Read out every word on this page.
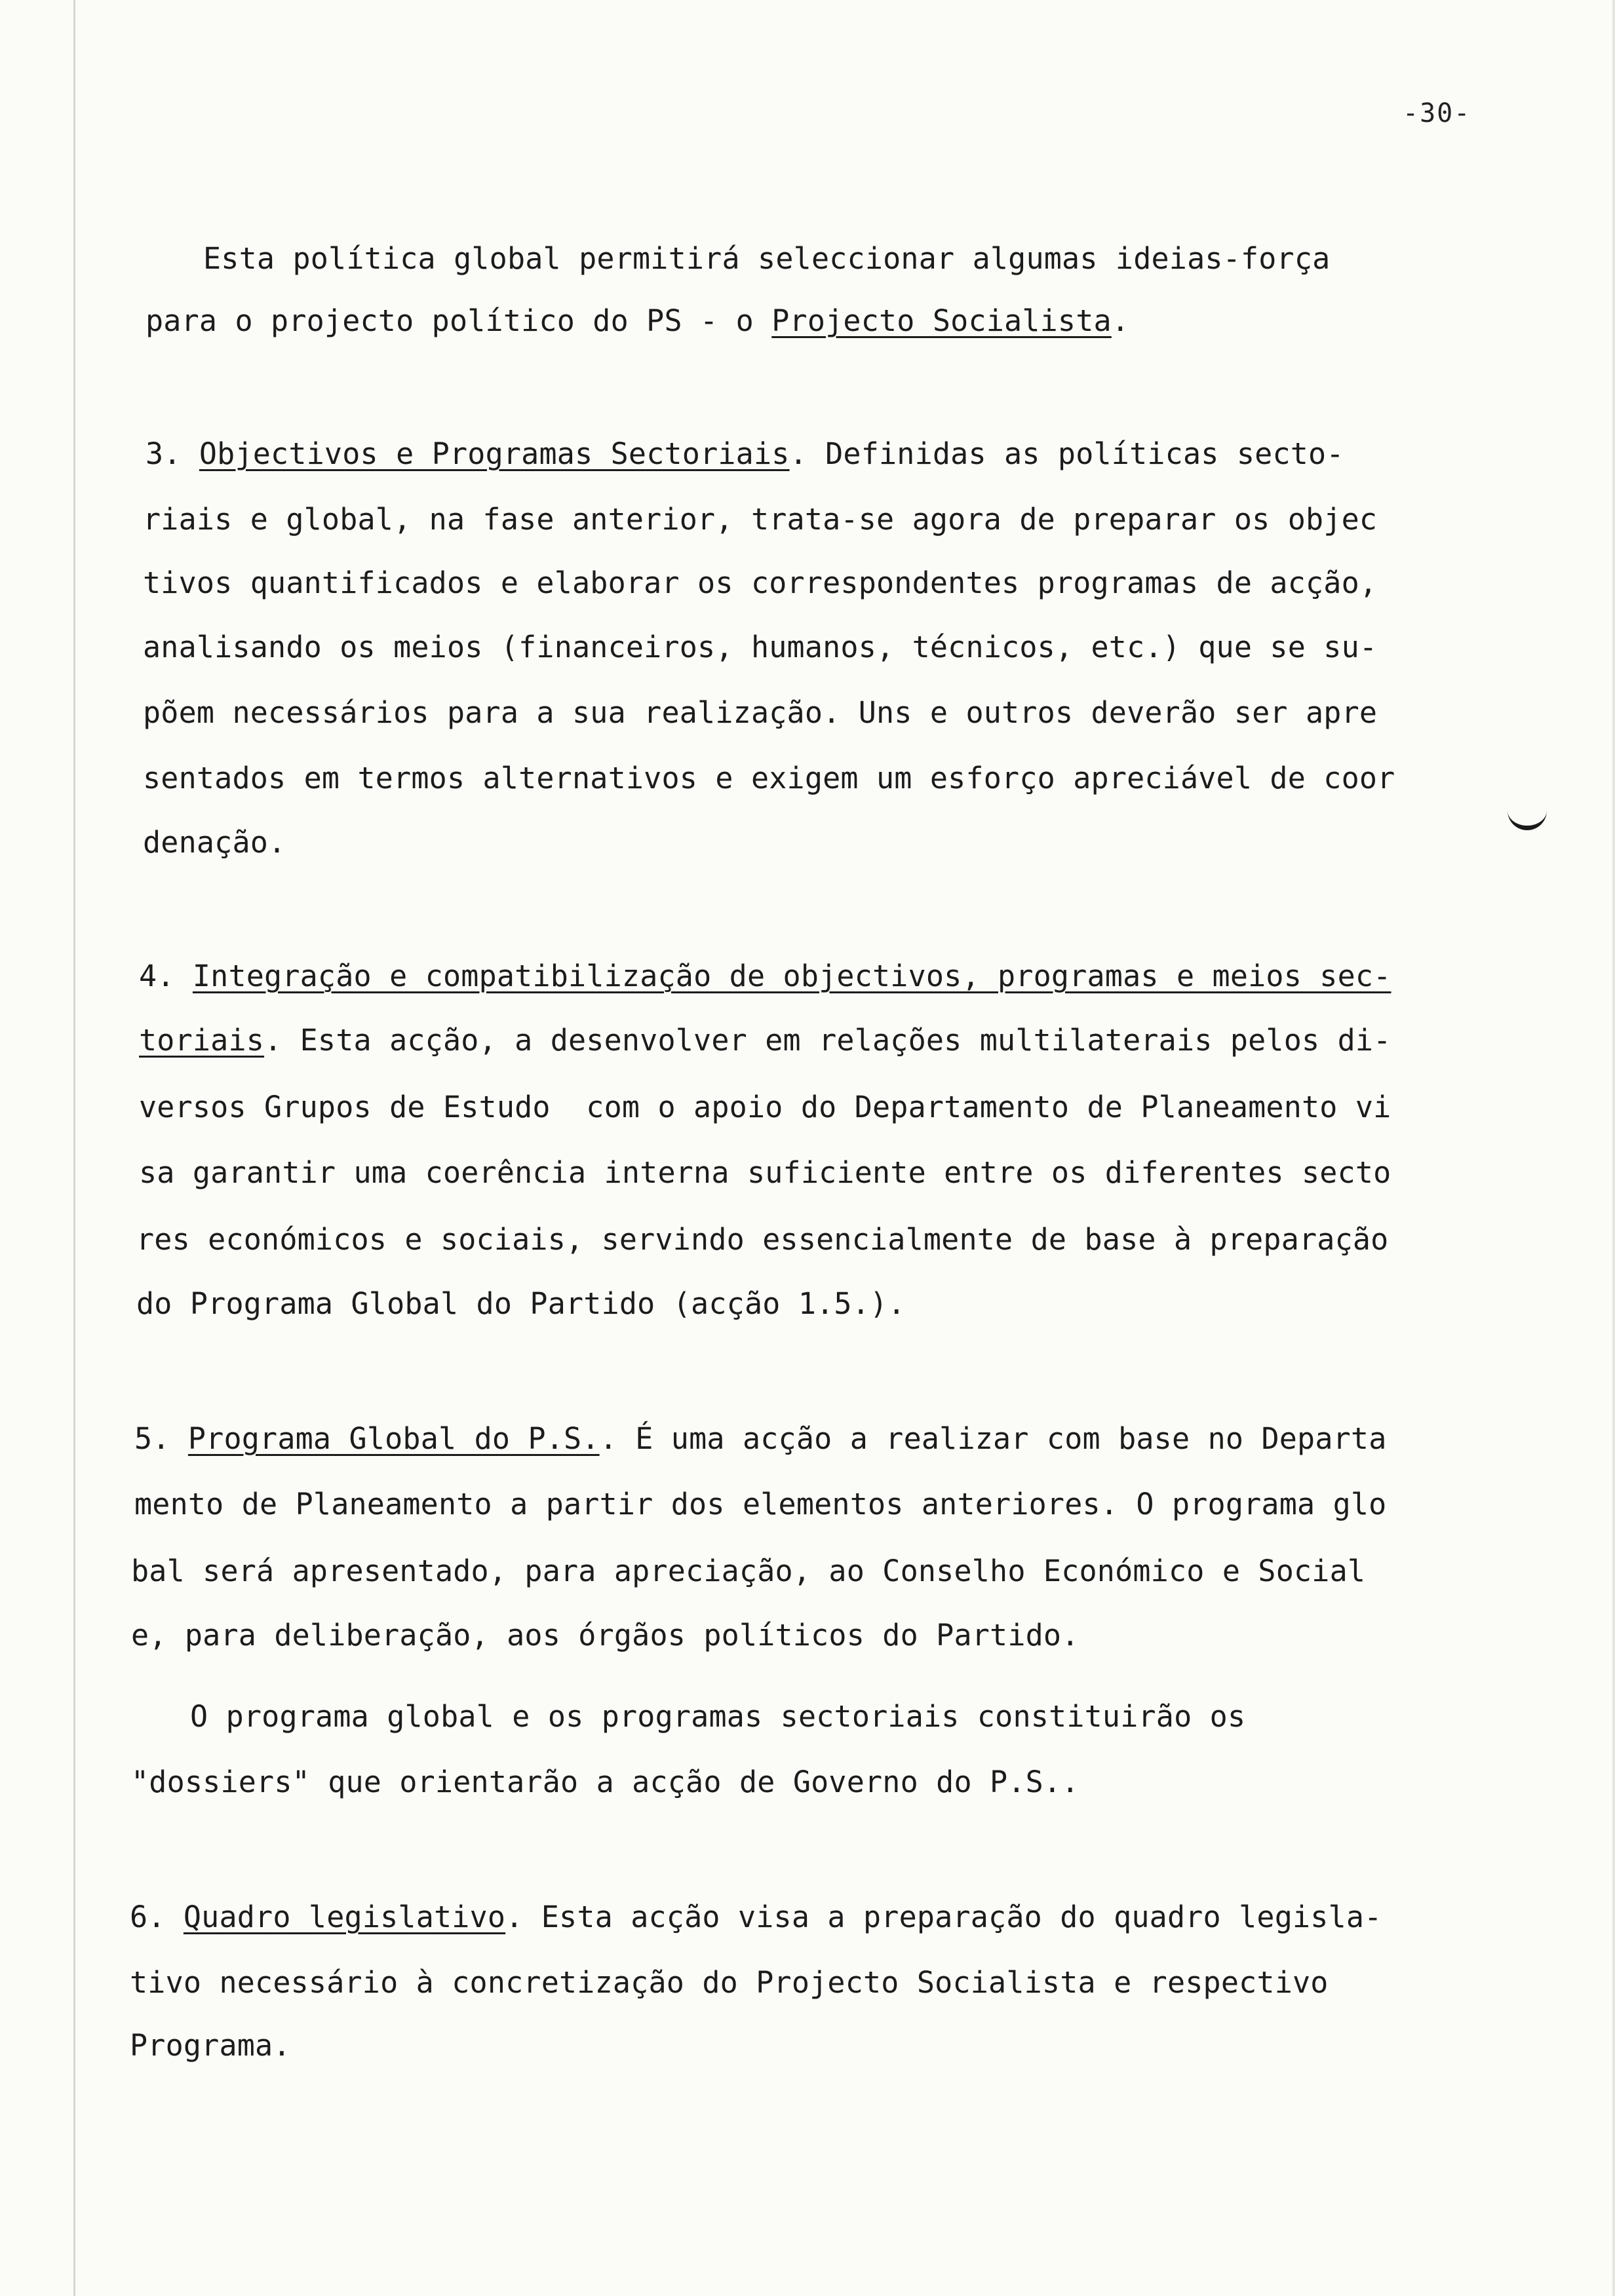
-30-
Esta política global permitirá seleccionar algumas ideias-força
para o projecto político do PS - o Projecto Socialista.
3. Objectivos e Programas Sectoriais. Definidas as políticas secto-
riais e global, na fase anterior, trata-se agora de preparar os objec
tivos quantificados e elaborar os correspondentes programas de acção,
analisando os meios (financeiros, humanos, técnicos, etc.) que se su-
põem necessários para a sua realização. Uns e outros deverão ser apre
sentados em termos alternativos e exigem um esforço apreciável de coor
denação.
4. Integração e compatibilização de objectivos, programas e meios sec-
toriais. Esta acção, a desenvolver em relações multilaterais pelos di-
versos Grupos de Estudo  com o apoio do Departamento de Planeamento vi
sa garantir uma coerência interna suficiente entre os diferentes secto
res económicos e sociais, servindo essencialmente de base à preparação
do Programa Global do Partido (acção 1.5.).
5. Programa Global do P.S.. É uma acção a realizar com base no Departa
mento de Planeamento a partir dos elementos anteriores. O programa glo
bal será apresentado, para apreciação, ao Conselho Económico e Social
e, para deliberação, aos órgãos políticos do Partido.
O programa global e os programas sectoriais constituirão os
"dossiers" que orientarão a acção de Governo do P.S..
6. Quadro legislativo. Esta acção visa a preparação do quadro legisla-
tivo necessário à concretização do Projecto Socialista e respectivo
Programa.
